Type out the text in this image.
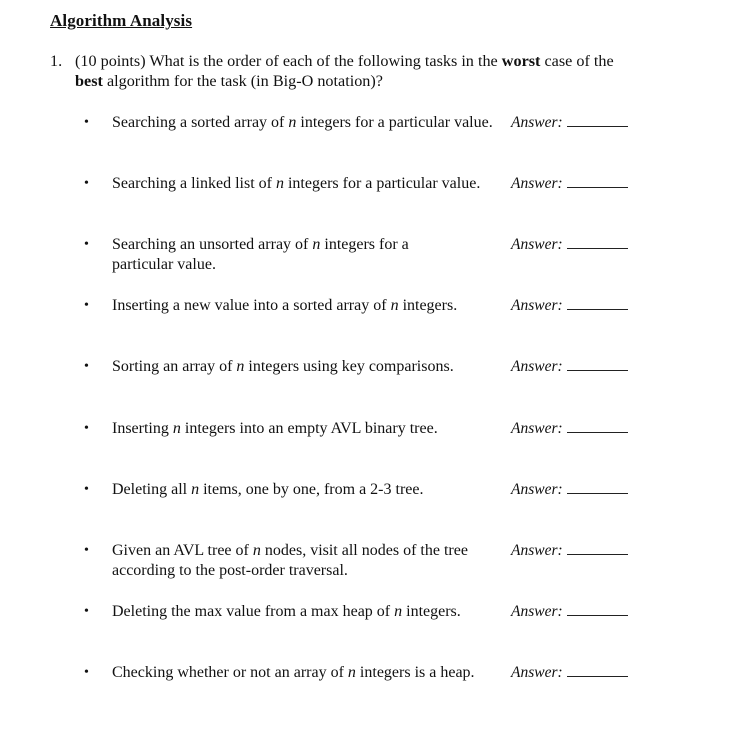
Algorithm Analysis
1. (10 points) What is the order of each of the following tasks in the worst case of the
best algorithm for the task (in Big-O notation)?
•	Searching a sorted array of n integers for a particular value. Answer:
•	Searching a linked list of n integers for a particular value.	Answer:
•	Searching an unsorted array of n integers for a particular value.
Answer:
•	Inserting a new value into a sorted array of n integers.	Answer:
•	Sorting an array of n integers using key comparisons.	Answer:
•	Inserting n integers into an empty AVL binary tree.	Answer:
•	Deleting all n items, one by one, from a 2-3 tree.	Answer:
•	Given an AVL tree of n nodes, visit all nodes of the tree according to the post-order traversal.
Answer:
•	Deleting the max value from a max heap of n integers.	Answer:
•	Checking whether or not an array of n integers is a heap.	Answer:
